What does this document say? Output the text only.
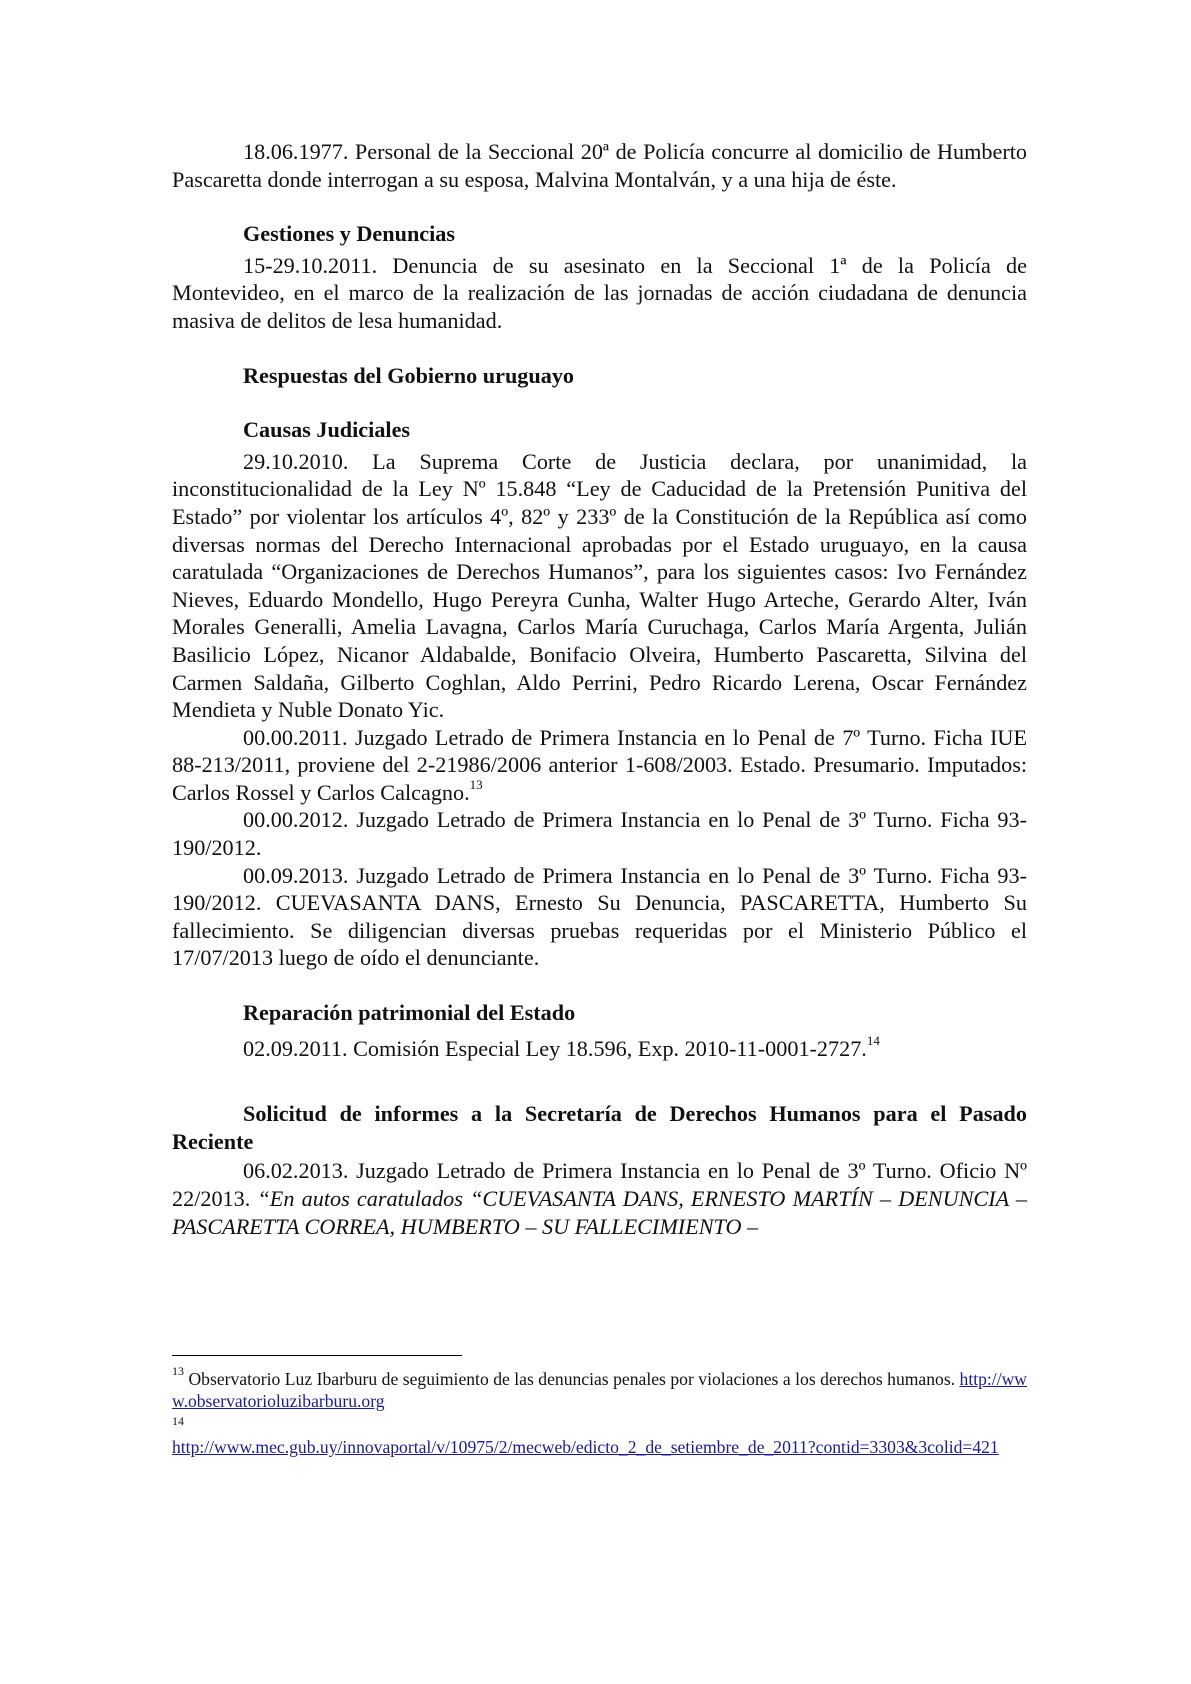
18.06.1977. Personal de la Seccional 20ª de Policía concurre al domicilio de Humberto Pascaretta donde interrogan a su esposa, Malvina Montalván, y a una hija de éste.

Gestiones y Denuncias

15-29.10.2011. Denuncia de su asesinato en la Seccional 1ª de la Policía de Montevideo, en el marco de la realización de las jornadas de acción ciudadana de denuncia masiva de delitos de lesa humanidad.

Respuestas del Gobierno uruguayo

Causas Judiciales

29.10.2010. La Suprema Corte de Justicia declara, por unanimidad, la inconstitucionalidad de la Ley Nº 15.848 “Ley de Caducidad de la Pretensión Punitiva del Estado” por violentar los artículos 4º, 82º y 233º de la Constitución de la República así como diversas normas del Derecho Internacional aprobadas por el Estado uruguayo, en la causa caratulada “Organizaciones de Derechos Humanos”, para los siguientes casos: Ivo Fernández Nieves, Eduardo Mondello, Hugo Pereyra Cunha, Walter Hugo Arteche, Gerardo Alter, Iván Morales Generalli, Amelia Lavagna, Carlos María Curuchaga, Carlos María Argenta, Julián Basilicio López, Nicanor Aldabalde, Bonifacio Olveira, Humberto Pascaretta, Silvina del Carmen Saldaña, Gilberto Coghlan, Aldo Perrini, Pedro Ricardo Lerena, Oscar Fernández Mendieta y Nuble Donato Yic.

00.00.2011. Juzgado Letrado de Primera Instancia en lo Penal de 7º Turno. Ficha IUE 88-213/2011, proviene del 2-21986/2006 anterior 1-608/2003. Estado. Presumario. Imputados: Carlos Rossel y Carlos Calcagno.$^{13}$

00.00.2012. Juzgado Letrado de Primera Instancia en lo Penal de 3º Turno. Ficha 93-190/2012.

00.09.2013. Juzgado Letrado de Primera Instancia en lo Penal de 3º Turno. Ficha 93-190/2012. CUEVASANTA DANS, Ernesto Su Denuncia, PASCARETTA, Humberto Su fallecimiento. Se diligencian diversas pruebas requeridas por el Ministerio Público el 17/07/2013 luego de oído el denunciante.

Reparación patrimonial del Estado

02.09.2011. Comisión Especial Ley 18.596, Exp. 2010-11-0001-2727.14

Solicitud de informes a la Secretaría de Derechos Humanos para el Pasado Reciente

06.02.2013. Juzgado Letrado de Primera Instancia en lo Penal de 3º Turno. Oficio Nº 22/2013. “En autos caratulados “CUEVASANTA DANS, ERNESTO MARTÍN – DENUNCIA – PASCARETTA CORREA, HUMBERTO – SU FALLECIMIENTO –

$^{13}$ Observatorio Luz Ibarburu de seguimiento de las denuncias penales por violaciones a los derechos humanos. http://www.observatorioluzibarburu.org
14
http://www.mec.gub.uy/innovaportal/v/10975/2/mecweb/edicto_2_de_setiembre_de_2011?contid=3303&3colid=421
